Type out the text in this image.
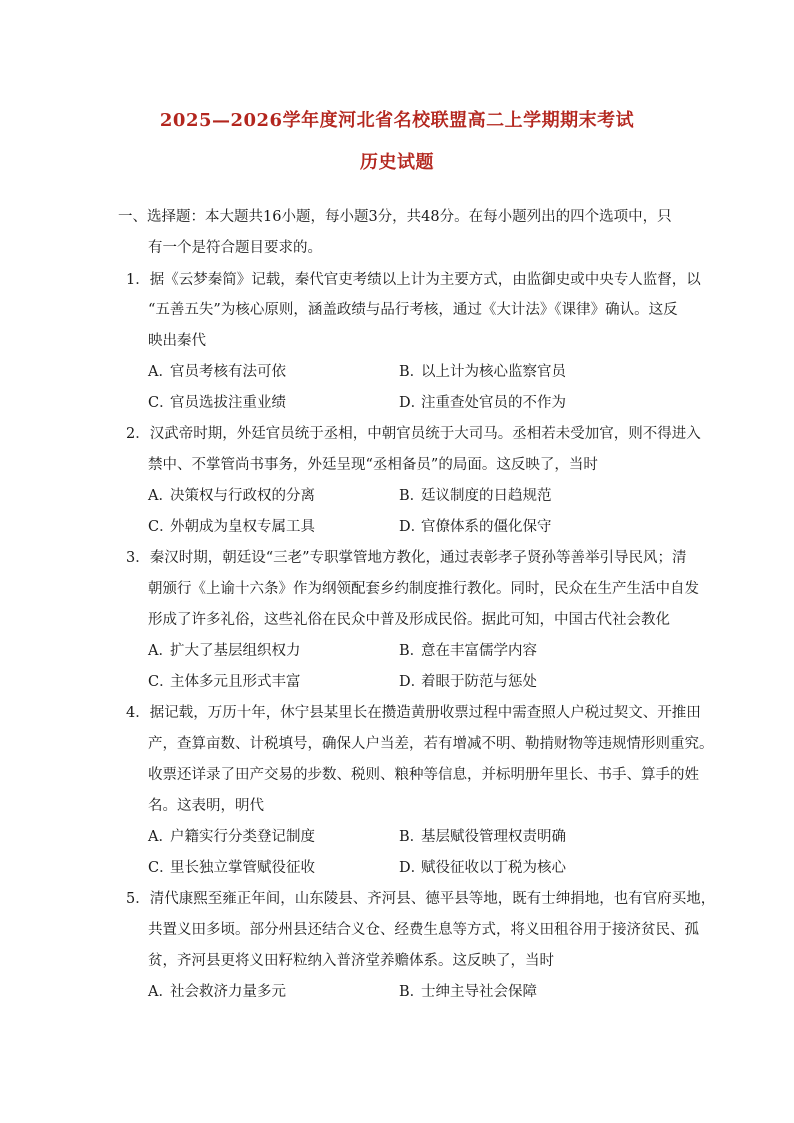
2025—2026学年度河北省名校联盟高二上学期期末考试
历史试题
一、选择题：本大题共16小题，每小题3分，共48分。在每小题列出的四个选项中，只
有一个是符合题目要求的。
1．据《云梦秦简》记载，秦代官吏考绩以上计为主要方式，由监御史或中央专人监督，以
“五善五失”为核心原则，涵盖政绩与品行考核，通过《大计法》《课律》确认。这反
映出秦代
A．官员考核有法可依	B．以上计为核心监察官员
C．官员选拔注重业绩	D．注重查处官员的不作为
2．汉武帝时期，外廷官员统于丞相，中朝官员统于大司马。丞相若未受加官，则不得进入
禁中、不掌管尚书事务，外廷呈现“丞相备员”的局面。这反映了，当时
A．决策权与行政权的分离	B．廷议制度的日趋规范
C．外朝成为皇权专属工具	D．官僚体系的僵化保守
3．秦汉时期，朝廷设“三老”专职掌管地方教化，通过表彰孝子贤孙等善举引导民风；清
朝颁行《上谕十六条》作为纲领配套乡约制度推行教化。同时，民众在生产生活中自发
形成了许多礼俗，这些礼俗在民众中普及形成民俗。据此可知，中国古代社会教化
A．扩大了基层组织权力	B．意在丰富儒学内容
C．主体多元且形式丰富	D．着眼于防范与惩处
4．据记载，万历十年，休宁县某里长在攒造黄册收票过程中需查照人户税过契文、开推田
产，查算亩数、计税填号，确保人户当差，若有增减不明、勒掯财物等违规情形则重究。
收票还详录了田产交易的步数、税则、粮种等信息，并标明册年里长、书手、算手的姓
名。这表明，明代
A．户籍实行分类登记制度	B．基层赋役管理权责明确
C．里长独立掌管赋役征收	D．赋役征收以丁税为核心
5．清代康熙至雍正年间，山东陵县、齐河县、德平县等地，既有士绅捐地，也有官府买地，
共置义田多顷。部分州县还结合义仓、经费生息等方式，将义田租谷用于接济贫民、孤
贫，齐河县更将义田籽粒纳入普济堂养赡体系。这反映了，当时
A．社会救济力量多元	B．士绅主导社会保障
